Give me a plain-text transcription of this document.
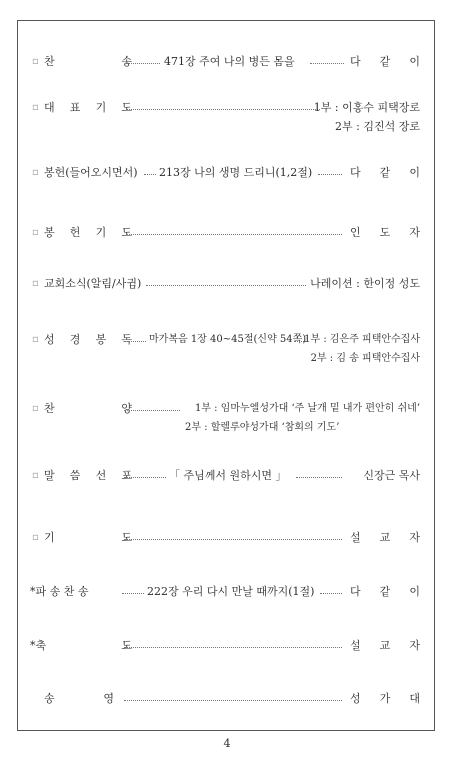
▫ 찬	송	471장 주여 나의 병든 몸을	다 같 이
▫ 대 표 기 도	1부 : 이홍수 피택장로
2부 : 김진석 장로
▫ 봉헌(들어오시면서) 213장 나의 생명 드리니(1,2절)	다 같 이
▫ 봉 헌 기 도	인 도 자
▫ 교회소식(알림/사귐)	나레이션 : 한이정 성도
▫ 성 경 봉 독 마가복음 1장 40~45절(신약 54쪽)
1부 : 김은주 피택안수집사
2부 : 김 송 피택안수집사
▫ 찬	양	1부 : 임마누엘성가대 ‘주 날개 밑 내가 편안히 쉬네’
2부 : 할렐루야성가대 ‘참회의 기도’
▫ 말 씀 선 포	「 주님께서 원하시면 」	신장근 목사
▫ 기	도	설 교 자
*파 송 찬 송	222장 우리 다시 만날 때까지(1절)	다 같 이
*축	도	설 교 자
송	영	성 가 대
4
